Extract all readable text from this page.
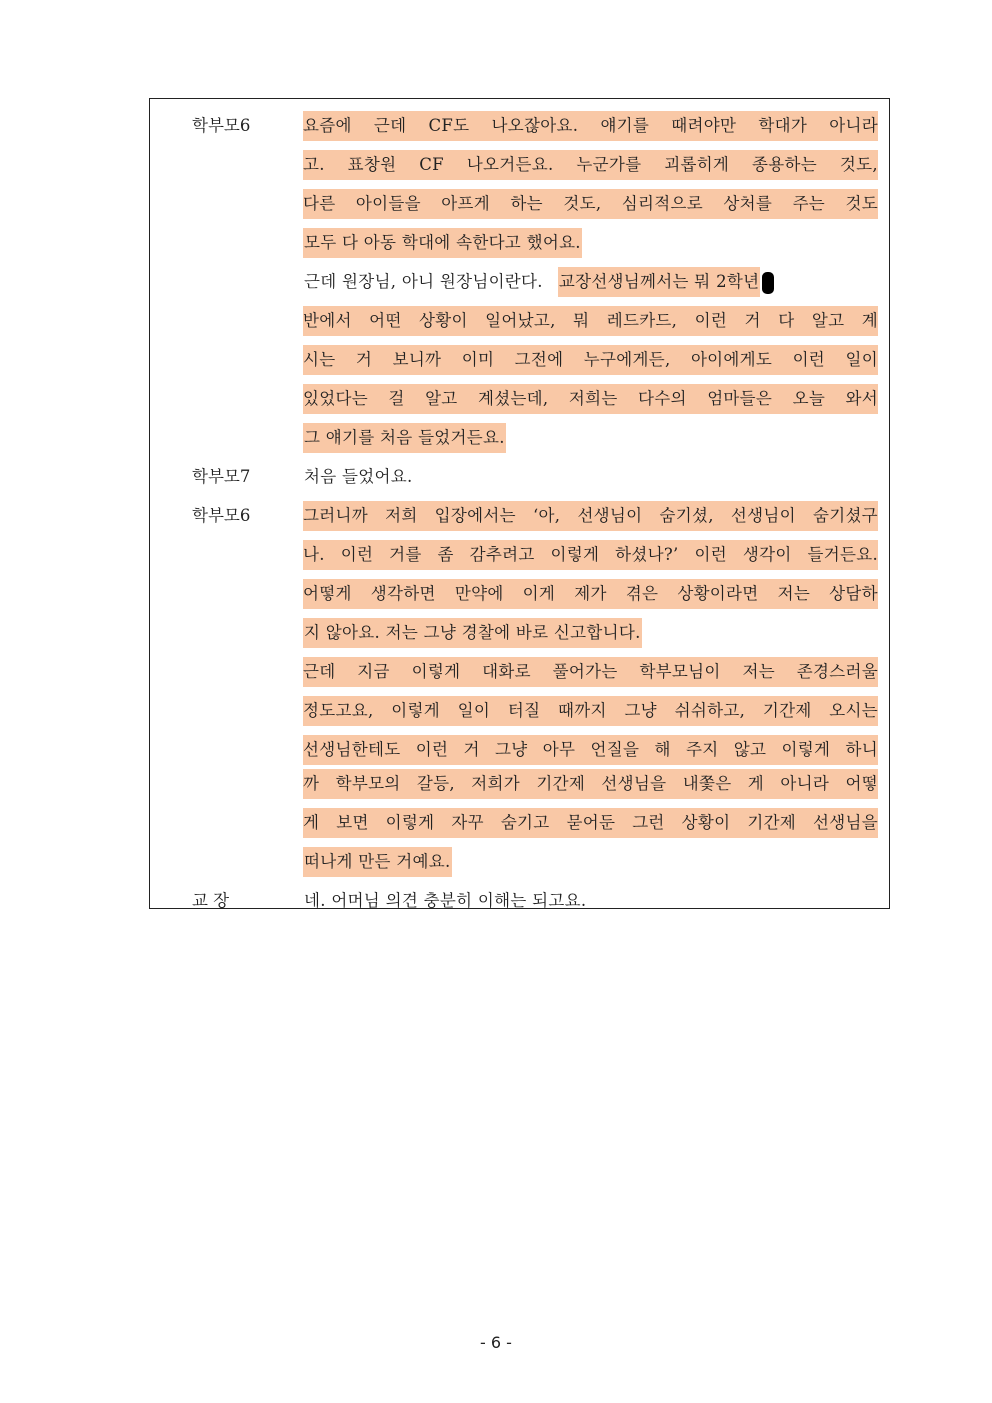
학부모6	요즘에 근데 CF도 나오잖아요. 얘기를 때려야만 학대가 아니라
고. 표창원 CF 나오거든요. 누군가를 괴롭히게 종용하는 것도,
다른 아이들을 아프게 하는 것도, 심리적으로 상처를 주는 것도
모두 다 아동 학대에 속한다고 했어요.
근데 원장님, 아니 원장님이란다. 교장선생님께서는 뭐 2학년
반에서 어떤 상황이 일어났고, 뭐 레드카드, 이런 거 다 알고 계
시는 거 보니까 이미 그전에 누구에게든, 아이에게도 이런 일이
있었다는 걸 알고 계셨는데, 저희는 다수의 엄마들은 오늘 와서
그 얘기를 처음 들었거든요.
학부모7	처음 들었어요.
학부모6	그러니까 저희 입장에서는 ‘아, 선생님이 숨기셨, 선생님이 숨기셨구
나. 이런 거를 좀 감추려고 이렇게 하셨나?’ 이런 생각이 들거든요.
어떻게 생각하면 만약에 이게 제가 겪은 상황이라면 저는 상담하
지 않아요. 저는 그냥 경찰에 바로 신고합니다.
근데 지금 이렇게 대화로 풀어가는 학부모님이 저는 존경스러울
정도고요, 이렇게 일이 터질 때까지 그냥 쉬쉬하고, 기간제 오시는
선생님한테도 이런 거 그냥 아무 언질을 해 주지 않고 이렇게 하니
까 학부모의 갈등, 저희가 기간제 선생님을 내쫓은 게 아니라 어떻
게 보면 이렇게 자꾸 숨기고 묻어둔 그런 상황이 기간제 선생님을
떠나게 만든 거예요.
교 장	네. 어머님 의견 충분히 이해는 되고요.
- 6 -
